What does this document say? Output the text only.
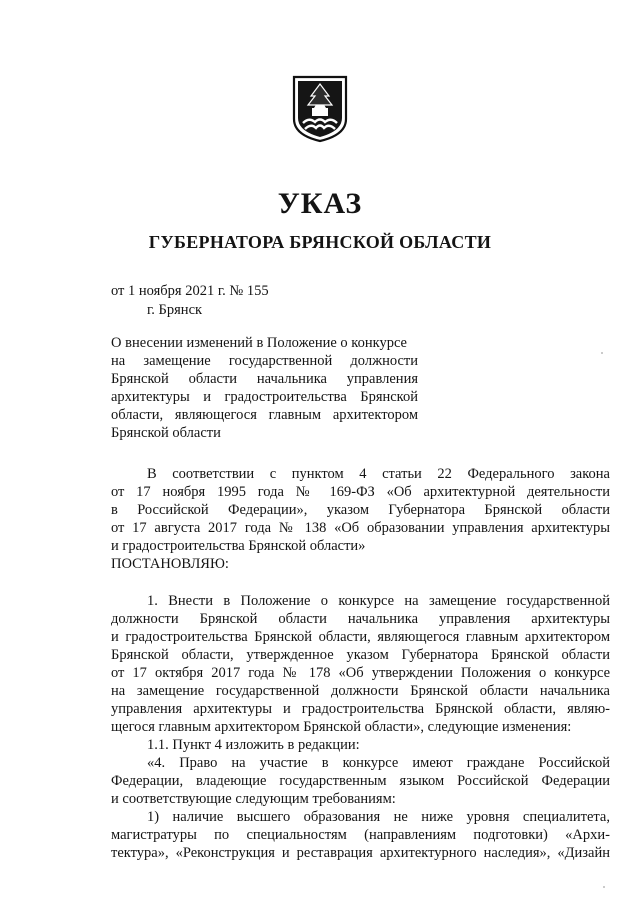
УКАЗ
ГУБЕРНАТОРА БРЯНСКОЙ ОБЛАСТИ
от 1 ноября 2021 г. № 155
г. Брянск
О внесении изменений в Положение о конкурсе
на замещение государственной должности
Брянской области начальника управления
архитектуры и градостроительства Брянской
области, являющегося главным архитектором
Брянской области
В соответствии с пунктом 4 статьи 22 Федерального закона
от 17 ноября 1995 года № 169-ФЗ «Об архитектурной деятельности
в Российской Федерации», указом Губернатора Брянской области
от 17 августа 2017 года № 138 «Об образовании управления архитектуры
и градостроительства Брянской области»
ПОСТАНОВЛЯЮ:
1. Внести в Положение о конкурсе на замещение государственной
должности Брянской области начальника управления архитектуры
и градостроительства Брянской области, являющегося главным архитектором
Брянской области, утвержденное указом Губернатора Брянской области
от 17 октября 2017 года № 178 «Об утверждении Положения о конкурсе
на замещение государственной должности Брянской области начальника
управления архитектуры и градостроительства Брянской области, являю-
щегося главным архитектором Брянской области», следующие изменения:
1.1. Пункт 4 изложить в редакции:
«4. Право на участие в конкурсе имеют граждане Российской
Федерации, владеющие государственным языком Российской Федерации
и соответствующие следующим требованиям:
1) наличие высшего образования не ниже уровня специалитета,
магистратуры по специальностям (направлениям подготовки) «Архи-
тектура», «Реконструкция и реставрация архитектурного наследия», «Дизайн
